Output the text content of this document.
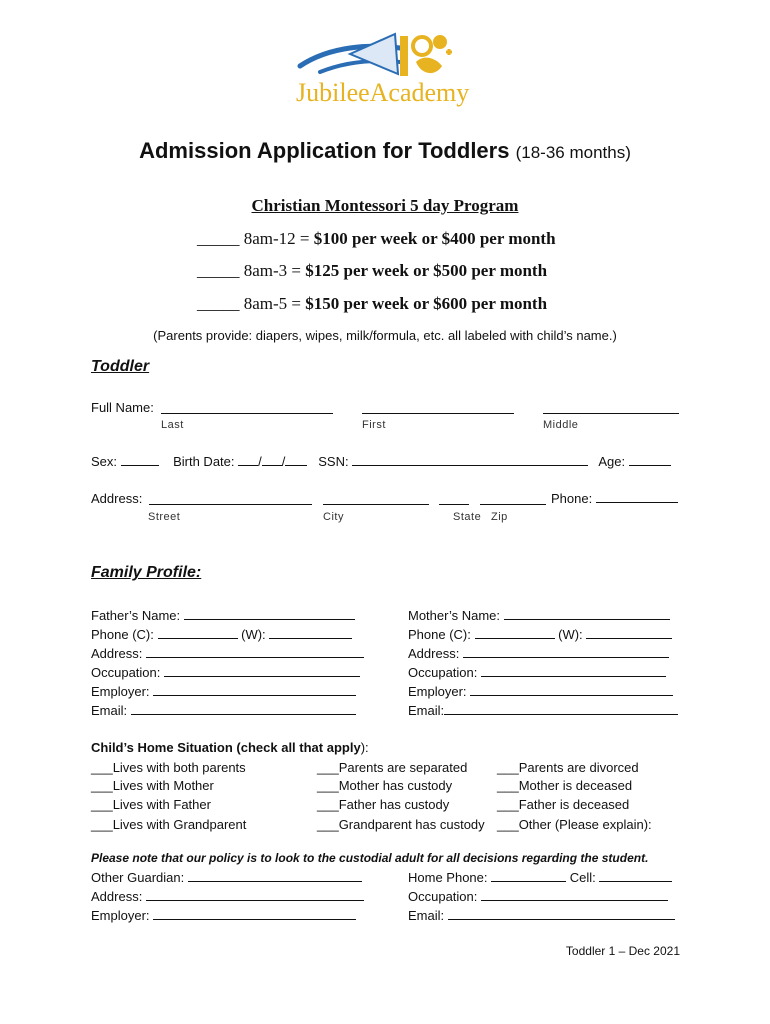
JubileeAcademy
Admission Application for Toddlers (18-36 months)
Christian Montessori 5 day Program
_____ 8am-12 = $100 per week or $400 per month
_____ 8am-3 = $125 per week or $500 per month
_____ 8am-5 = $150 per week or $600 per month
(Parents provide: diapers, wipes, milk/formula, etc. all labeled with child’s name.)
Toddler
Full Name:
Last	First	Middle
Sex:	Birth Date: / /	SSN:	Age:
Address:	Phone:
Street	City	State Zip
Family Profile:
Father’s Name:
Phone (C):	(W):
Address:
Occupation:
Employer:
Email:
Mother’s Name:
Phone (C):	(W):
Address:
Occupation:
Employer:
Email:
Child’s Home Situation (check all that apply):
___Lives with both parents
___Lives with Mother
___Lives with Father
___Lives with Grandparent
___Parents are separated
___Mother has custody
___Father has custody
___Grandparent has custody
___Parents are divorced
___Mother is deceased
___Father is deceased
___Other (Please explain):
Please note that our policy is to look to the custodial adult for all decisions regarding the student.
Other Guardian:
Address:
Employer:
Home Phone:	Cell:
Occupation:
Email:
Toddler 1 – Dec 2021
